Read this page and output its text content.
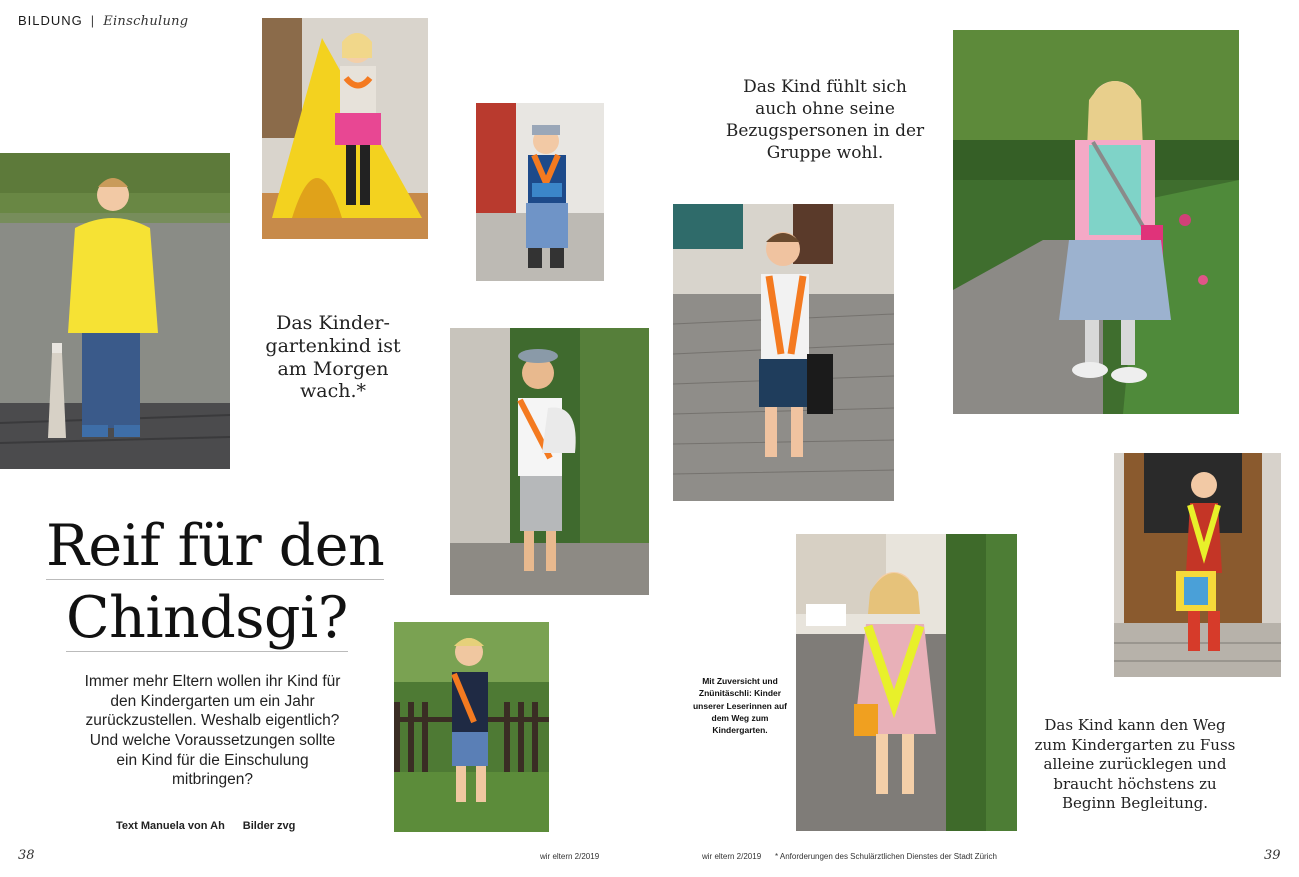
BILDUNG | Einschulung
Das Kinder-gartenkind ist am Morgen wach.*
Das Kind fühlt sich auch ohne seine Bezugspersonen in der Gruppe wohl.
Das Kind kann den Weg zum Kindergarten zu Fuss alleine zurücklegen und braucht höchstens zu Beginn Begleitung.
Reif für den
Chindsgi?
Immer mehr Eltern wollen ihr Kind für den Kindergarten um ein Jahr zurückzustellen. Weshalb eigentlich? Und welche Voraussetzungen sollte ein Kind für die Einschulung mitbringen?
Text Manuela von Ah Bilder zvg
Mit Zuversicht und Znünitäschli: Kinder unserer Leserinnen auf dem Weg zum Kindergarten.
38	wir eltern 2/2019	wir eltern 2/2019 * Anforderungen des Schulärztlichen Dienstes der Stadt Zürich	39
